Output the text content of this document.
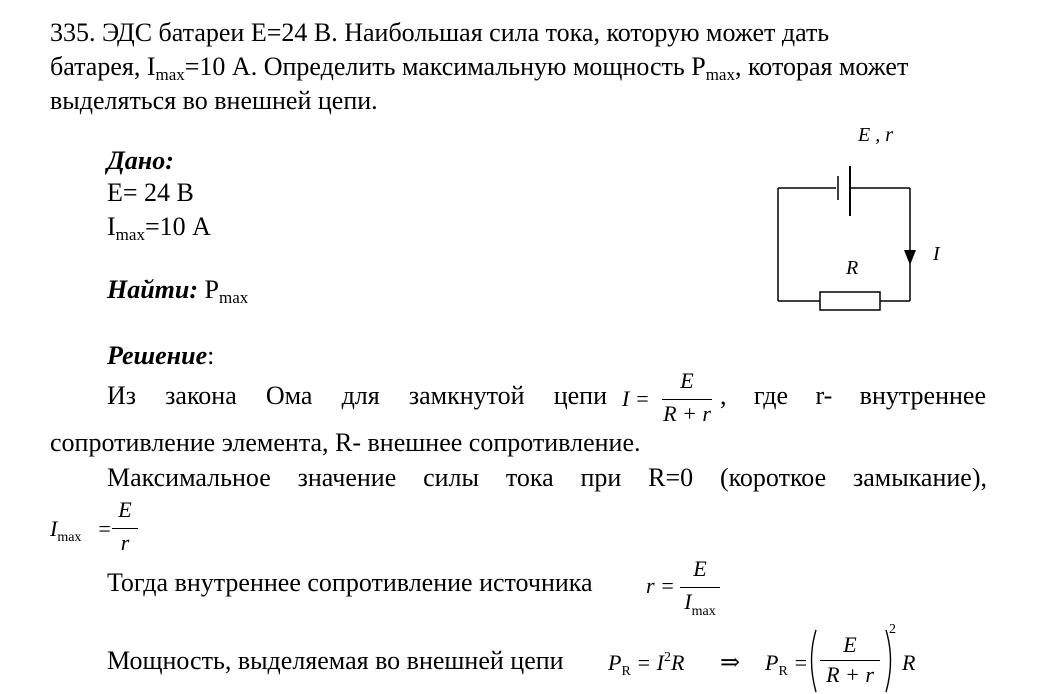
335. ЭДС батареи E=24 В. Наибольшая сила тока, которую может дать
батарея, $I_{max}=10$ А. Определить максимальную мощность $P_{max}$, которая может
выделяться во внешней цепи.
Дано:
E= 24 В
$I_{max}=10$ А
Найти: $P_{max}$
E , r
R
I
Решение:
Из закона Ома для замкнутой цепи I =
E
R + r
, где r- внутреннее
сопротивление элемента, R- внешнее сопротивление.
Максимальное значение силы тока при R=0 (короткое замыкание),
$I_{max}$ =
E
r
Тогда внутреннее сопротивление источника r =
E
$I_{max}$
Мощность, выделяемая во внешней цепи $P_R = I^2R$ ⇒ $P_R$ =
E
R + r
2
R
